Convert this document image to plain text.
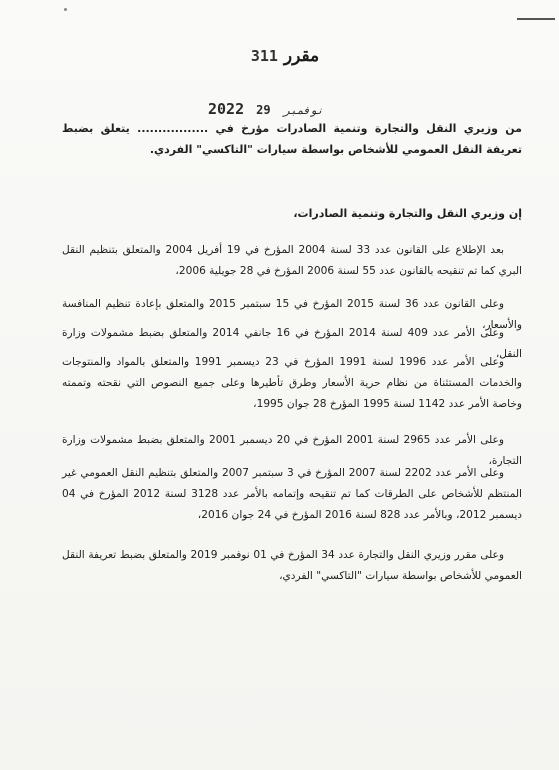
مقرر 311
2022	نوفمبر 29
من وزيري النقل والتجارة وتنمية الصادرات مؤرخ في ................. يتعلق بضبط تعريفة النقل العمومي للأشخاص بواسطة سيارات "التاكسي" الفردي.
إن وزيري النقل والتجارة وتنمية الصادرات،
بعد الإطلاع على القانون عدد 33 لسنة 2004 المؤرخ في 19 أفريل 2004 والمتعلق بتنظيم النقل البري كما تم تنقيحه بالقانون عدد 55 لسنة 2006 المؤرخ في 28 جويلية 2006،
وعلى القانون عدد 36 لسنة 2015 المؤرخ في 15 سبتمبر 2015 والمتعلق بإعادة تنظيم المنافسة والأسعار،
وعلى الأمر عدد 409 لسنة 2014 المؤرخ في 16 جانفي 2014 والمتعلق بضبط مشمولات وزارة النقل،
وعلى الأمر عدد 1996 لسنة 1991 المؤرخ في 23 ديسمبر 1991 والمتعلق بالمواد والمنتوجات والخدمات المستثناة من نظام حرية الأسعار وطرق تأطيرها وعلى جميع النصوص التي نقحته وتممته وخاصة الأمر عدد 1142 لسنة 1995 المؤرخ 28 جوان 1995،
وعلى الأمر عدد 2965 لسنة 2001 المؤرخ في 20 ديسمبر 2001 والمتعلق بضبط مشمولات وزارة التجارة،
وعلى الأمر عدد 2202 لسنة 2007 المؤرخ في 3 سبتمبر 2007 والمتعلق بتنظيم النقل العمومي غير المنتظم للأشخاص على الطرقات كما تم تنقيحه وإتمامه بالأمر عدد 3128 لسنة 2012 المؤرخ في 04 ديسمبر 2012، وبالأمر عدد 828 لسنة 2016 المؤرخ في 24 جوان 2016،
وعلى مقرر وزيري النقل والتجارة عدد 34 المؤرخ في 01 نوفمبر 2019 والمتعلق بضبط تعريفة النقل العمومي للأشخاص بواسطة سيارات "التاكسي" الفردي،
